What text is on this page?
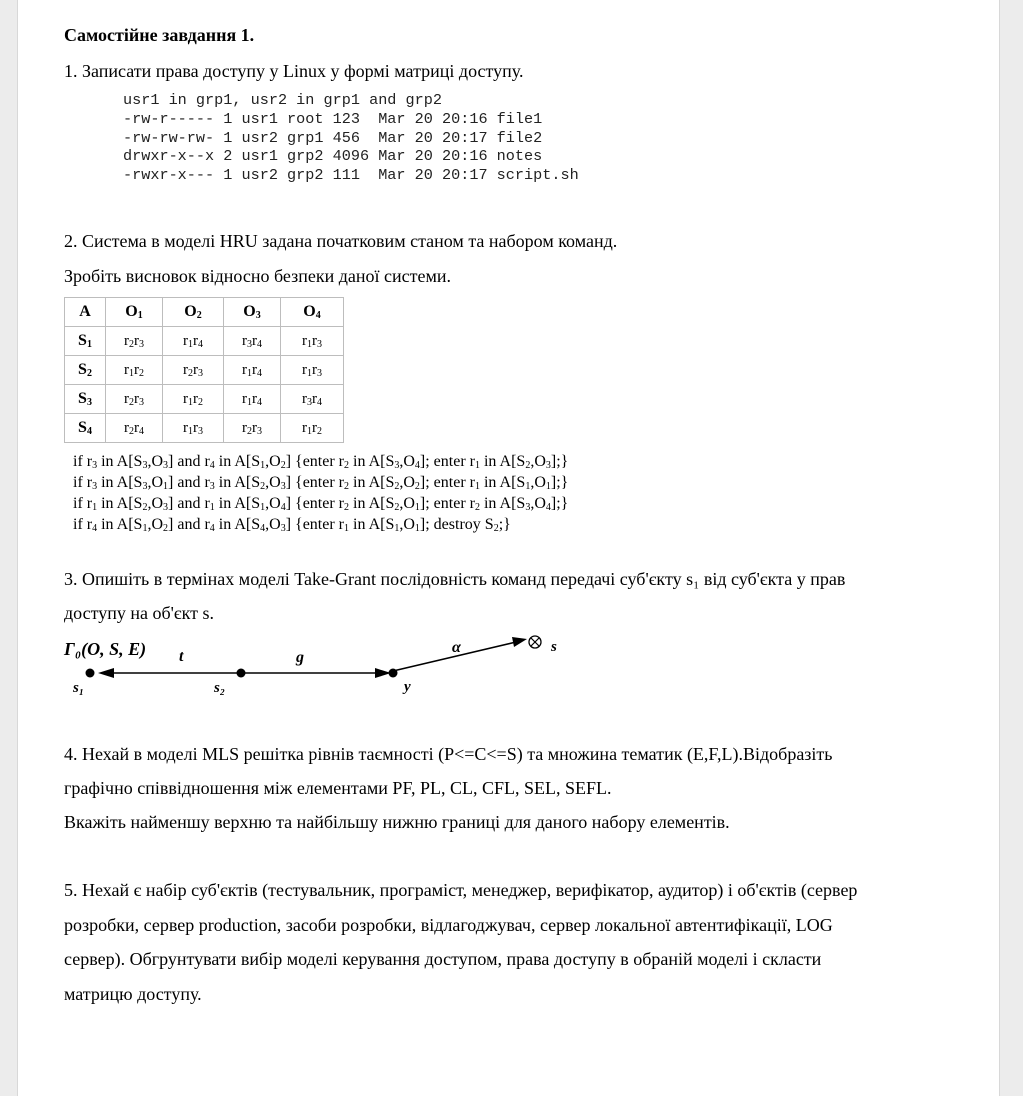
Самостійне завдання 1.
1. Записати права доступу у Linux у формі матриці доступу.
usr1 in grp1, usr2 in grp1 and grp2
-rw-r----- 1 usr1 root 123  Mar 20 20:16 file1
-rw-rw-rw- 1 usr2 grp1 456  Mar 20 20:17 file2
drwxr-x--x 2 usr1 grp2 4096 Mar 20 20:16 notes
-rwxr-x--- 1 usr2 grp2 111  Mar 20 20:17 script.sh
2. Система в моделі HRU задана початковим станом та набором команд.
Зробіть висновок відносно безпеки даної системи.
A	$O_1$	$O_2$	$O_3$	$O_4$
$S_1$	$r_2r_3$	$r_1r_4$	$r_3r_4$	$r_1r_3$
$S_2$	$r_1r_2$	$r_2r_3$	$r_1r_4$	$r_1r_3$
$S_3$	$r_2r_3$	$r_1r_2$	$r_1r_4$	$r_3r_4$
$S_4$	$r_2r_4$	$r_1r_3$	$r_2r_3$	$r_1r_2$
if $r_3$ in $A[S_3,O_3]$ and $r_4$ in $A[S_1,O_2]$ {enter $r_2$ in $A[S_3,O_4]$; enter $r_1$ in $A[S_2,O_3]$;}
if $r_3$ in $A[S_3,O_1]$ and $r_3$ in $A[S_2,O_3]$ {enter $r_2$ in $A[S_2,O_2]$; enter $r_1$ in $A[S_1,O_1]$;}
if $r_1$ in $A[S_2,O_3]$ and $r_1$ in $A[S_1,O_4]$ {enter $r_2$ in $A[S_2,O_1]$; enter $r_2$ in $A[S_3,O_4]$;}
if $r_4$ in $A[S_1,O_2]$ and $r_4$ in $A[S_4,O_3]$ {enter $r_1$ in $A[S_1,O_1]$; destroy $S_2$;}
3. Опишіть в термінах моделі Take-Grant послідовність команд передачі суб'єкту s₁ від суб'єкта у прав
доступу на об'єкт s.
Γ₀(O, S, E) t	g
α
s₁	s₂	y
s
4. Нехай в моделі MLS решітка рівнів таємності (P<=C<=S) та множина тематик (E,F,L).Відобразіть
графічно співвідношення між елементами PF, PL, CL, CFL, SEL, SEFL.
Вкажіть найменшу верхню та найбільшу нижню границі для даного набору елементів.
5. Нехай є набір суб'єктів (тестувальник, програміст, менеджер, верифікатор, аудитор) і об'єктів (сервер
розробки, сервер production, засоби розробки, відлагоджувач, сервер локальної автентифікації, LOG
сервер). Обгрунтувати вибір моделі керування доступом, права доступу в обраній моделі і скласти
матрицю доступу.
